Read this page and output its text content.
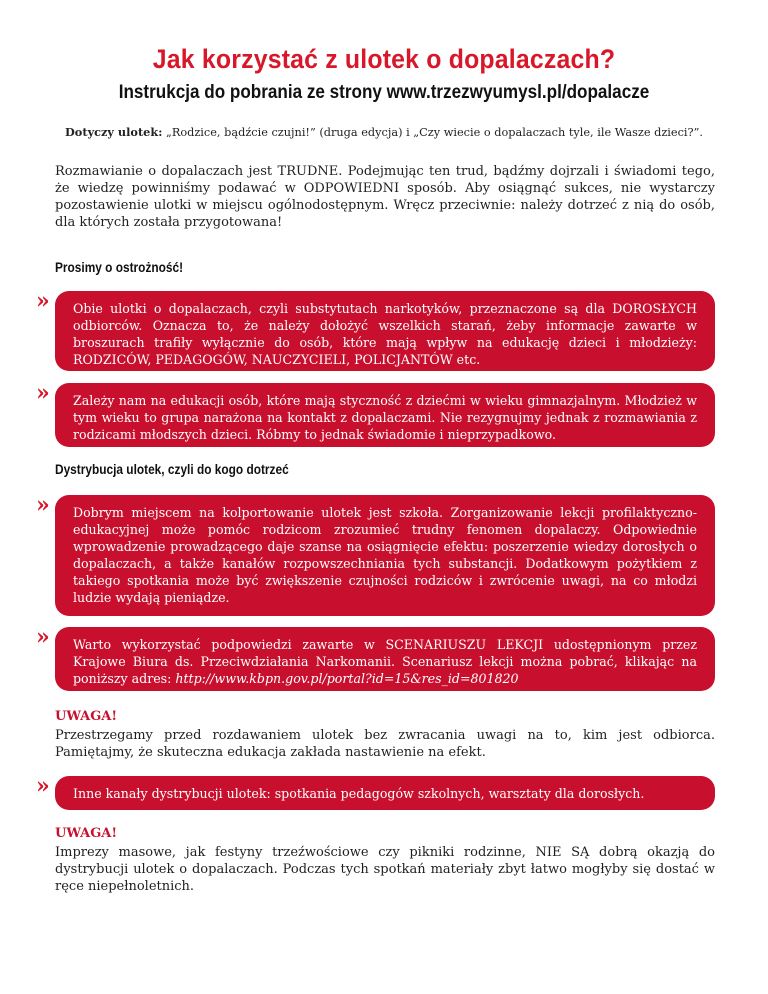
Jak korzystać z ulotek o dopalaczach?
Instrukcja do pobrania ze strony www.trzezwyumysl.pl/dopalacze
Dotyczy ulotek: „Rodzice, bądźcie czujni!” (druga edycja) i „Czy wiecie o dopalaczach tyle, ile Wasze dzieci?”.
Rozmawianie o dopalaczach jest TRUDNE. Podejmując ten trud, bądźmy dojrzali i świadomi tego, że wiedzę powinniśmy podawać w ODPOWIEDNI sposób. Aby osiągnąć sukces, nie wystarczy pozostawienie ulotki w miejscu ogólnodostępnym. Wręcz przeciwnie: należy dotrzeć z nią do osób, dla których została przygotowana!
Prosimy o ostrożność!
»	Obie ulotki o dopalaczach, czyli substytutach narkotyków, przeznaczone są dla DOROSŁYCH odbiorców. Oznacza to, że należy dołożyć wszelkich starań, żeby informacje zawarte w broszurach trafiły wyłącznie do osób, które mają wpływ na edukację dzieci i młodzieży: RODZICÓW, PEDAGOGÓW, NAUCZYCIELI, POLICJANTÓW etc.
»	Zależy nam na edukacji osób, które mają styczność z dziećmi w wieku gimnazjalnym. Młodzież w tym wieku to grupa narażona na kontakt z dopalaczami. Nie rezygnujmy jednak z rozmawiania z rodzicami młodszych dzieci. Róbmy to jednak świadomie i nieprzypadkowo.
Dystrybucja ulotek, czyli do kogo dotrzeć
»	Dobrym miejscem na kolportowanie ulotek jest szkoła. Zorganizowanie lekcji profilaktyczno-edukacyjnej może pomóc rodzicom zrozumieć trudny fenomen dopalaczy. Odpowiednie wprowadzenie prowadzącego daje szanse na osiągnięcie efektu: poszerzenie wiedzy dorosłych o dopalaczach, a także kanałów rozpowszechniania tych substancji. Dodatkowym pożytkiem z takiego spotkania może być zwiększenie czujności rodziców i zwrócenie uwagi, na co młodzi ludzie wydają pieniądze.
»	Warto wykorzystać podpowiedzi zawarte w SCENARIUSZU LEKCJI udostępnionym przez Krajowe Biura ds. Przeciwdziałania Narkomanii. Scenariusz lekcji można pobrać, klikając na poniższy adres: http://www.kbpn.gov.pl/portal?id=15&res_id=801820
UWAGA!
Przestrzegamy przed rozdawaniem ulotek bez zwracania uwagi na to, kim jest odbiorca. Pamiętajmy, że skuteczna edukacja zakłada nastawienie na efekt.
»	Inne kanały dystrybucji ulotek: spotkania pedagogów szkolnych, warsztaty dla dorosłych.
UWAGA!
Imprezy masowe, jak festyny trzeźwościowe czy pikniki rodzinne, NIE SĄ dobrą okazją do dystrybucji ulotek o dopalaczach. Podczas tych spotkań materiały zbyt łatwo mogłyby się dostać w ręce niepełnoletnich.
